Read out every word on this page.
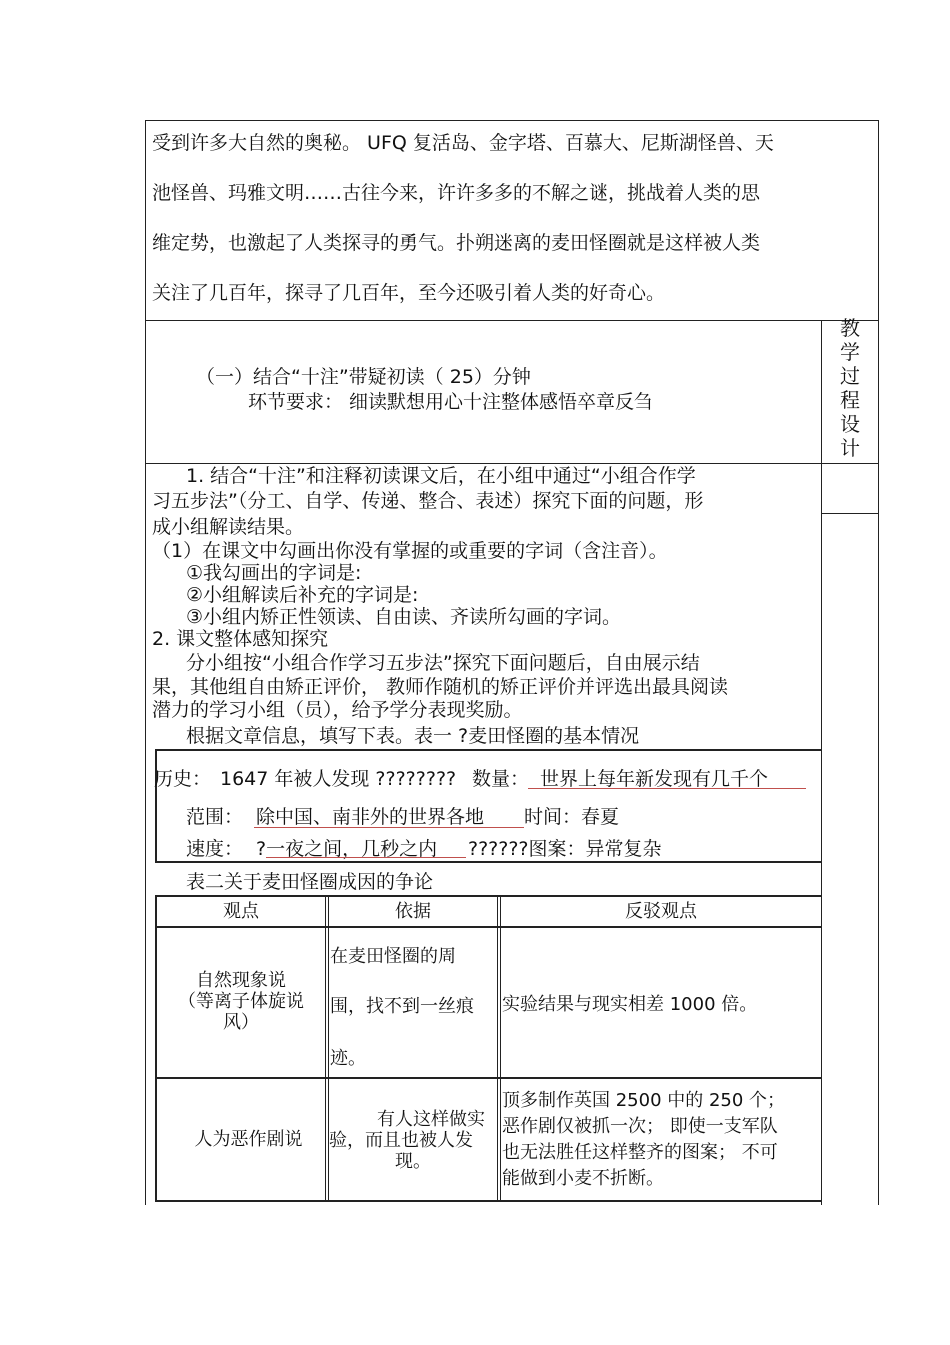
受到许多大自然的奥秘。 UFQ 复活岛、金字塔、百慕大、尼斯湖怪兽、天
池怪兽、玛雅文明……古往今来，许许多多的不解之谜，挑战着人类的思
维定势，也激起了人类探寻的勇气。扑朔迷离的麦田怪圈就是这样被人类
关注了几百年，探寻了几百年，至今还吸引着人类的好奇心。
教
学
过
程
设
计
（一）结合“十注”带疑初读（ 25）分钟
环节要求： 细读默想用心十注整体感悟卒章反刍
1. 结合“十注”和注释初读课文后，在小组中通过“小组合作学
习五步法”（分工、自学、传递、整合、表述）探究下面的问题，形
成小组解读结果。
（1）在课文中勾画出你没有掌握的或重要的字词（含注音）。
①我勾画出的字词是:
②小组解读后补充的字词是:
③小组内矫正性领读、自由读、齐读所勾画的字词。
2. 课文整体感知探究
分小组按“小组合作学习五步法”探究下面问题后，自由展示结
果，其他组自由矫正评价， 教师作随机的矫正评价并评选出最具阅读
潜力的学习小组（员），给予学分表现奖励。
根据文章信息，填写下表。表一 ?麦田怪圈的基本情况
历史： 1647 年被人发现 ???????? 数量： 世界上每年新发现有几千个
范围： 除中国、南非外的世界各地 时间：春夏
速度： ?一夜之间，几秒之内 ??????图案：异常复杂
表二关于麦田怪圈成因的争论
观点	依据	反驳观点
自然现象说
（等离子体旋说
风）
在麦田怪圈的周
围，找不到一丝痕
迹。
实验结果与现实相差 1000 倍。
人为恶作剧说
有人这样做实
验，而且也被人发
现。
顶多制作英国 2500 中的 250 个；
恶作剧仅被抓一次； 即使一支军队
也无法胜任这样整齐的图案； 不可
能做到小麦不折断。
